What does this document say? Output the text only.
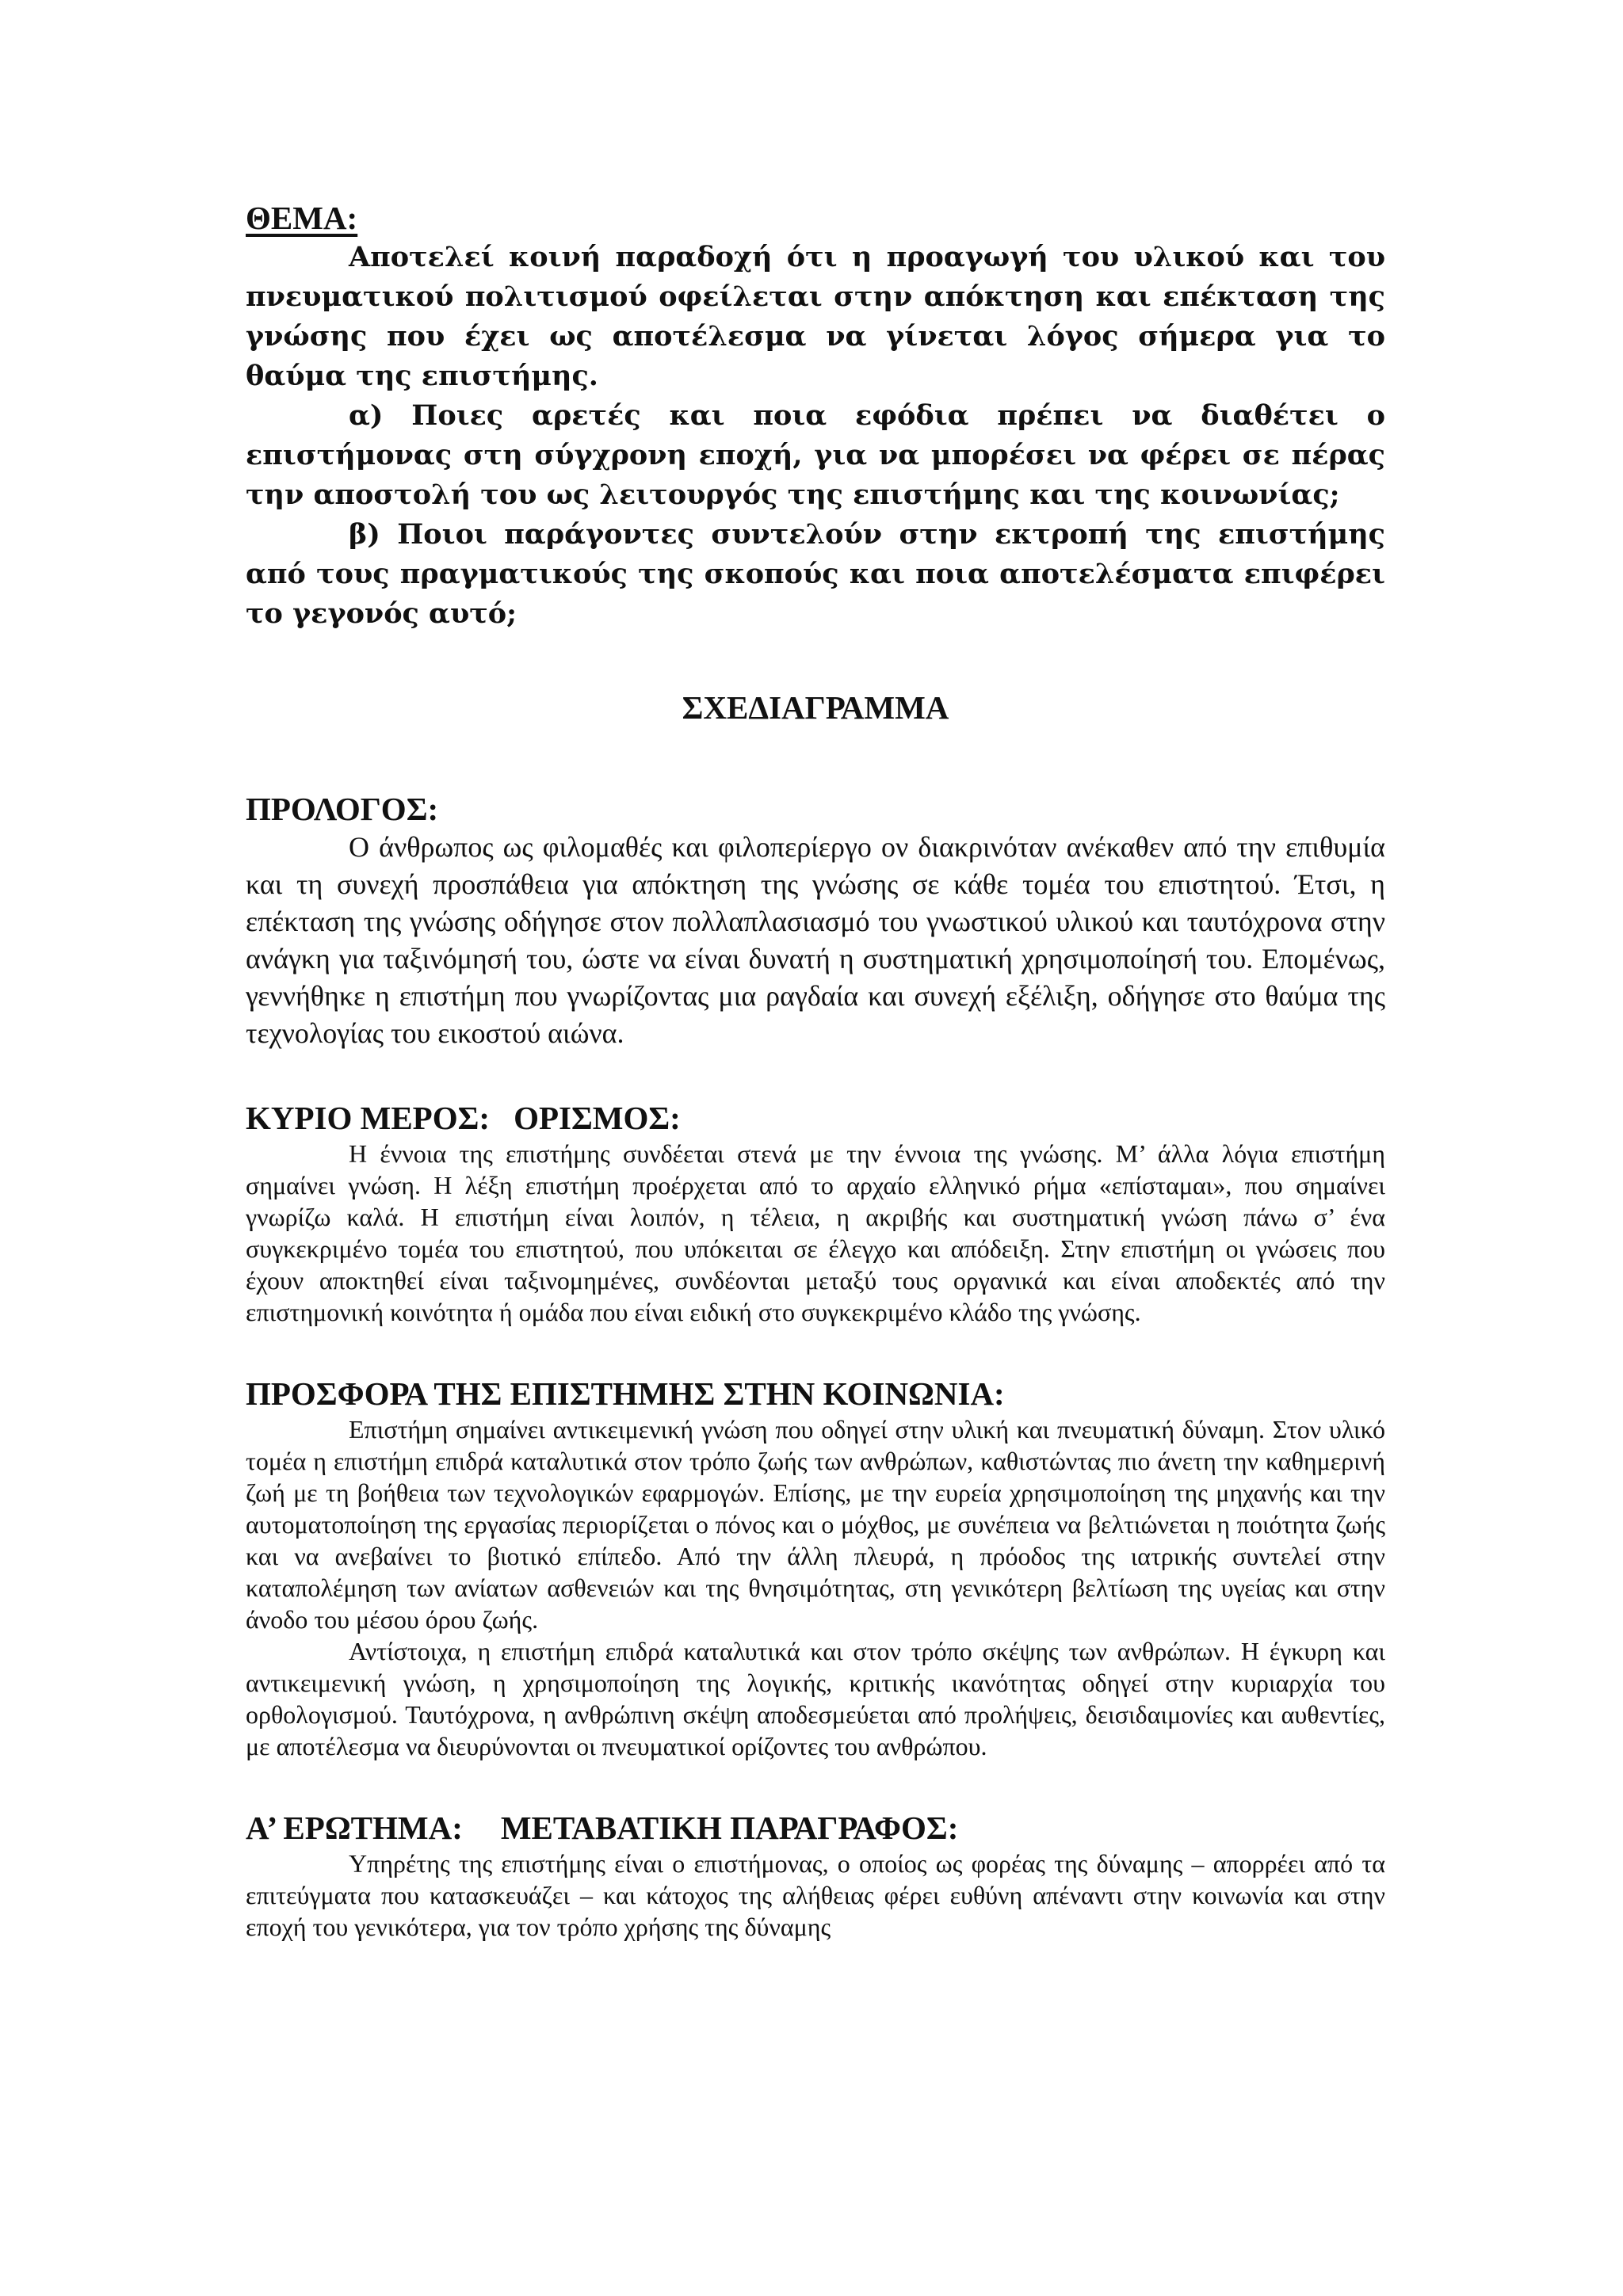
ΘΕΜΑ:

Αποτελεί κοινή παραδοχή ότι η προαγωγή του υλικού και του πνευματικού πολιτισμού οφείλεται στην απόκτηση και επέκταση της γνώσης που έχει ως αποτέλεσμα να γίνεται λόγος σήμερα για το θαύμα της επιστήμης.

α) Ποιες αρετές και ποια εφόδια πρέπει να διαθέτει ο επιστήμονας στη σύγχρονη εποχή, για να μπορέσει να φέρει σε πέρας την αποστολή του ως λειτουργός της επιστήμης και της κοινωνίας;

β) Ποιοι παράγοντες συντελούν στην εκτροπή της επιστήμης από τους πραγματικούς της σκοπούς και ποια αποτελέσματα επιφέρει το γεγονός αυτό;

ΣΧΕΔΙΑΓΡΑΜΜΑ
ΠΡΟΛΟΓΟΣ:

Ο άνθρωπος ως φιλομαθές και φιλοπερίεργο ον διακρινόταν ανέκαθεν από την επιθυμία και τη συνεχή προσπάθεια για απόκτηση της γνώσης σε κάθε τομέα του επιστητού. Έτσι, η επέκταση της γνώσης οδήγησε στον πολλαπλασιασμό του γνωστικού υλικού και ταυτόχρονα στην ανάγκη για ταξινόμησή του, ώστε να είναι δυνατή η συστηματική χρησιμοποίησή του. Επομένως, γεννήθηκε η επιστήμη που γνωρίζοντας μια ραγδαία και συνεχή εξέλιξη, οδήγησε στο θαύμα της τεχνολογίας του εικοστού αιώνα.

ΚΥΡΙΟ ΜΕΡΟΣ: ΟΡΙΣΜΟΣ:

Η έννοια της επιστήμης συνδέεται στενά με την έννοια της γνώσης. Μ’ άλλα λόγια επιστήμη σημαίνει γνώση. Η λέξη επιστήμη προέρχεται από το αρχαίο ελληνικό ρήμα «επίσταμαι», που σημαίνει γνωρίζω καλά. Η επιστήμη είναι λοιπόν, η τέλεια, η ακριβής και συστηματική γνώση πάνω σ’ ένα συγκεκριμένο τομέα του επιστητού, που υπόκειται σε έλεγχο και απόδειξη. Στην επιστήμη οι γνώσεις που έχουν αποκτηθεί είναι ταξινομημένες, συνδέονται μεταξύ τους οργανικά και είναι αποδεκτές από την επιστημονική κοινότητα ή ομάδα που είναι ειδική στο συγκεκριμένο κλάδο της γνώσης.

ΠΡΟΣΦΟΡΑ ΤΗΣ ΕΠΙΣΤΗΜΗΣ ΣΤΗΝ ΚΟΙΝΩΝΙΑ:

Επιστήμη σημαίνει αντικειμενική γνώση που οδηγεί στην υλική και πνευματική δύναμη. Στον υλικό τομέα η επιστήμη επιδρά καταλυτικά στον τρόπο ζωής των ανθρώπων, καθιστώντας πιο άνετη την καθημερινή ζωή με τη βοήθεια των τεχνολογικών εφαρμογών. Επίσης, με την ευρεία χρησιμοποίηση της μηχανής και την αυτοματοποίηση της εργασίας περιορίζεται ο πόνος και ο μόχθος, με συνέπεια να βελτιώνεται η ποιότητα ζωής και να ανεβαίνει το βιοτικό επίπεδο. Από την άλλη πλευρά, η πρόοδος της ιατρικής συντελεί στην καταπολέμηση των ανίατων ασθενειών και της θνησιμότητας, στη γενικότερη βελτίωση της υγείας και στην άνοδο του μέσου όρου ζωής.

Αντίστοιχα, η επιστήμη επιδρά καταλυτικά και στον τρόπο σκέψης των ανθρώπων. Η έγκυρη και αντικειμενική γνώση, η χρησιμοποίηση της λογικής, κριτικής ικανότητας οδηγεί στην κυριαρχία του ορθολογισμού. Ταυτόχρονα, η ανθρώπινη σκέψη αποδεσμεύεται από προλήψεις, δεισιδαιμονίες και αυθεντίες, με αποτέλεσμα να διευρύνονται οι πνευματικοί ορίζοντες του ανθρώπου.

Α’ ΕΡΩΤΗΜΑ: ΜΕΤΑΒΑΤΙΚΗ ΠΑΡΑΓΡΑΦΟΣ:

Υπηρέτης της επιστήμης είναι ο επιστήμονας, ο οποίος ως φορέας της δύναμης – απορρέει από τα επιτεύγματα που κατασκευάζει – και κάτοχος της αλήθειας φέρει ευθύνη απέναντι στην κοινωνία και στην εποχή του γενικότερα, για τον τρόπο χρήσης της δύναμης
